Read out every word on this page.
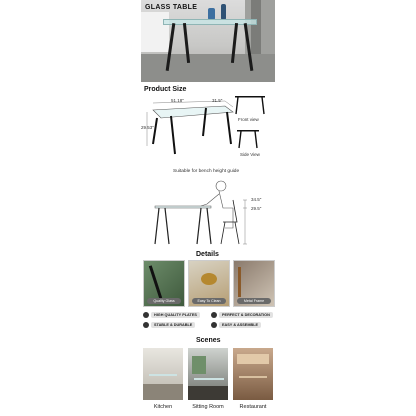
GLASS TABLE
Product Size
51.18"	31.5"
29.53"
Front view
Side View
Suitable for bench height guide
34.5"
29.5"
Details
Quality Glass	Easy To Clean	Metal Frame
HIGH QUALITY PLATES	PERFECT & DECORATION
STABLE & DURABLE	EASY & ASSEMBLE
Scenes
Kitchen	Sitting Room	Restaurant
